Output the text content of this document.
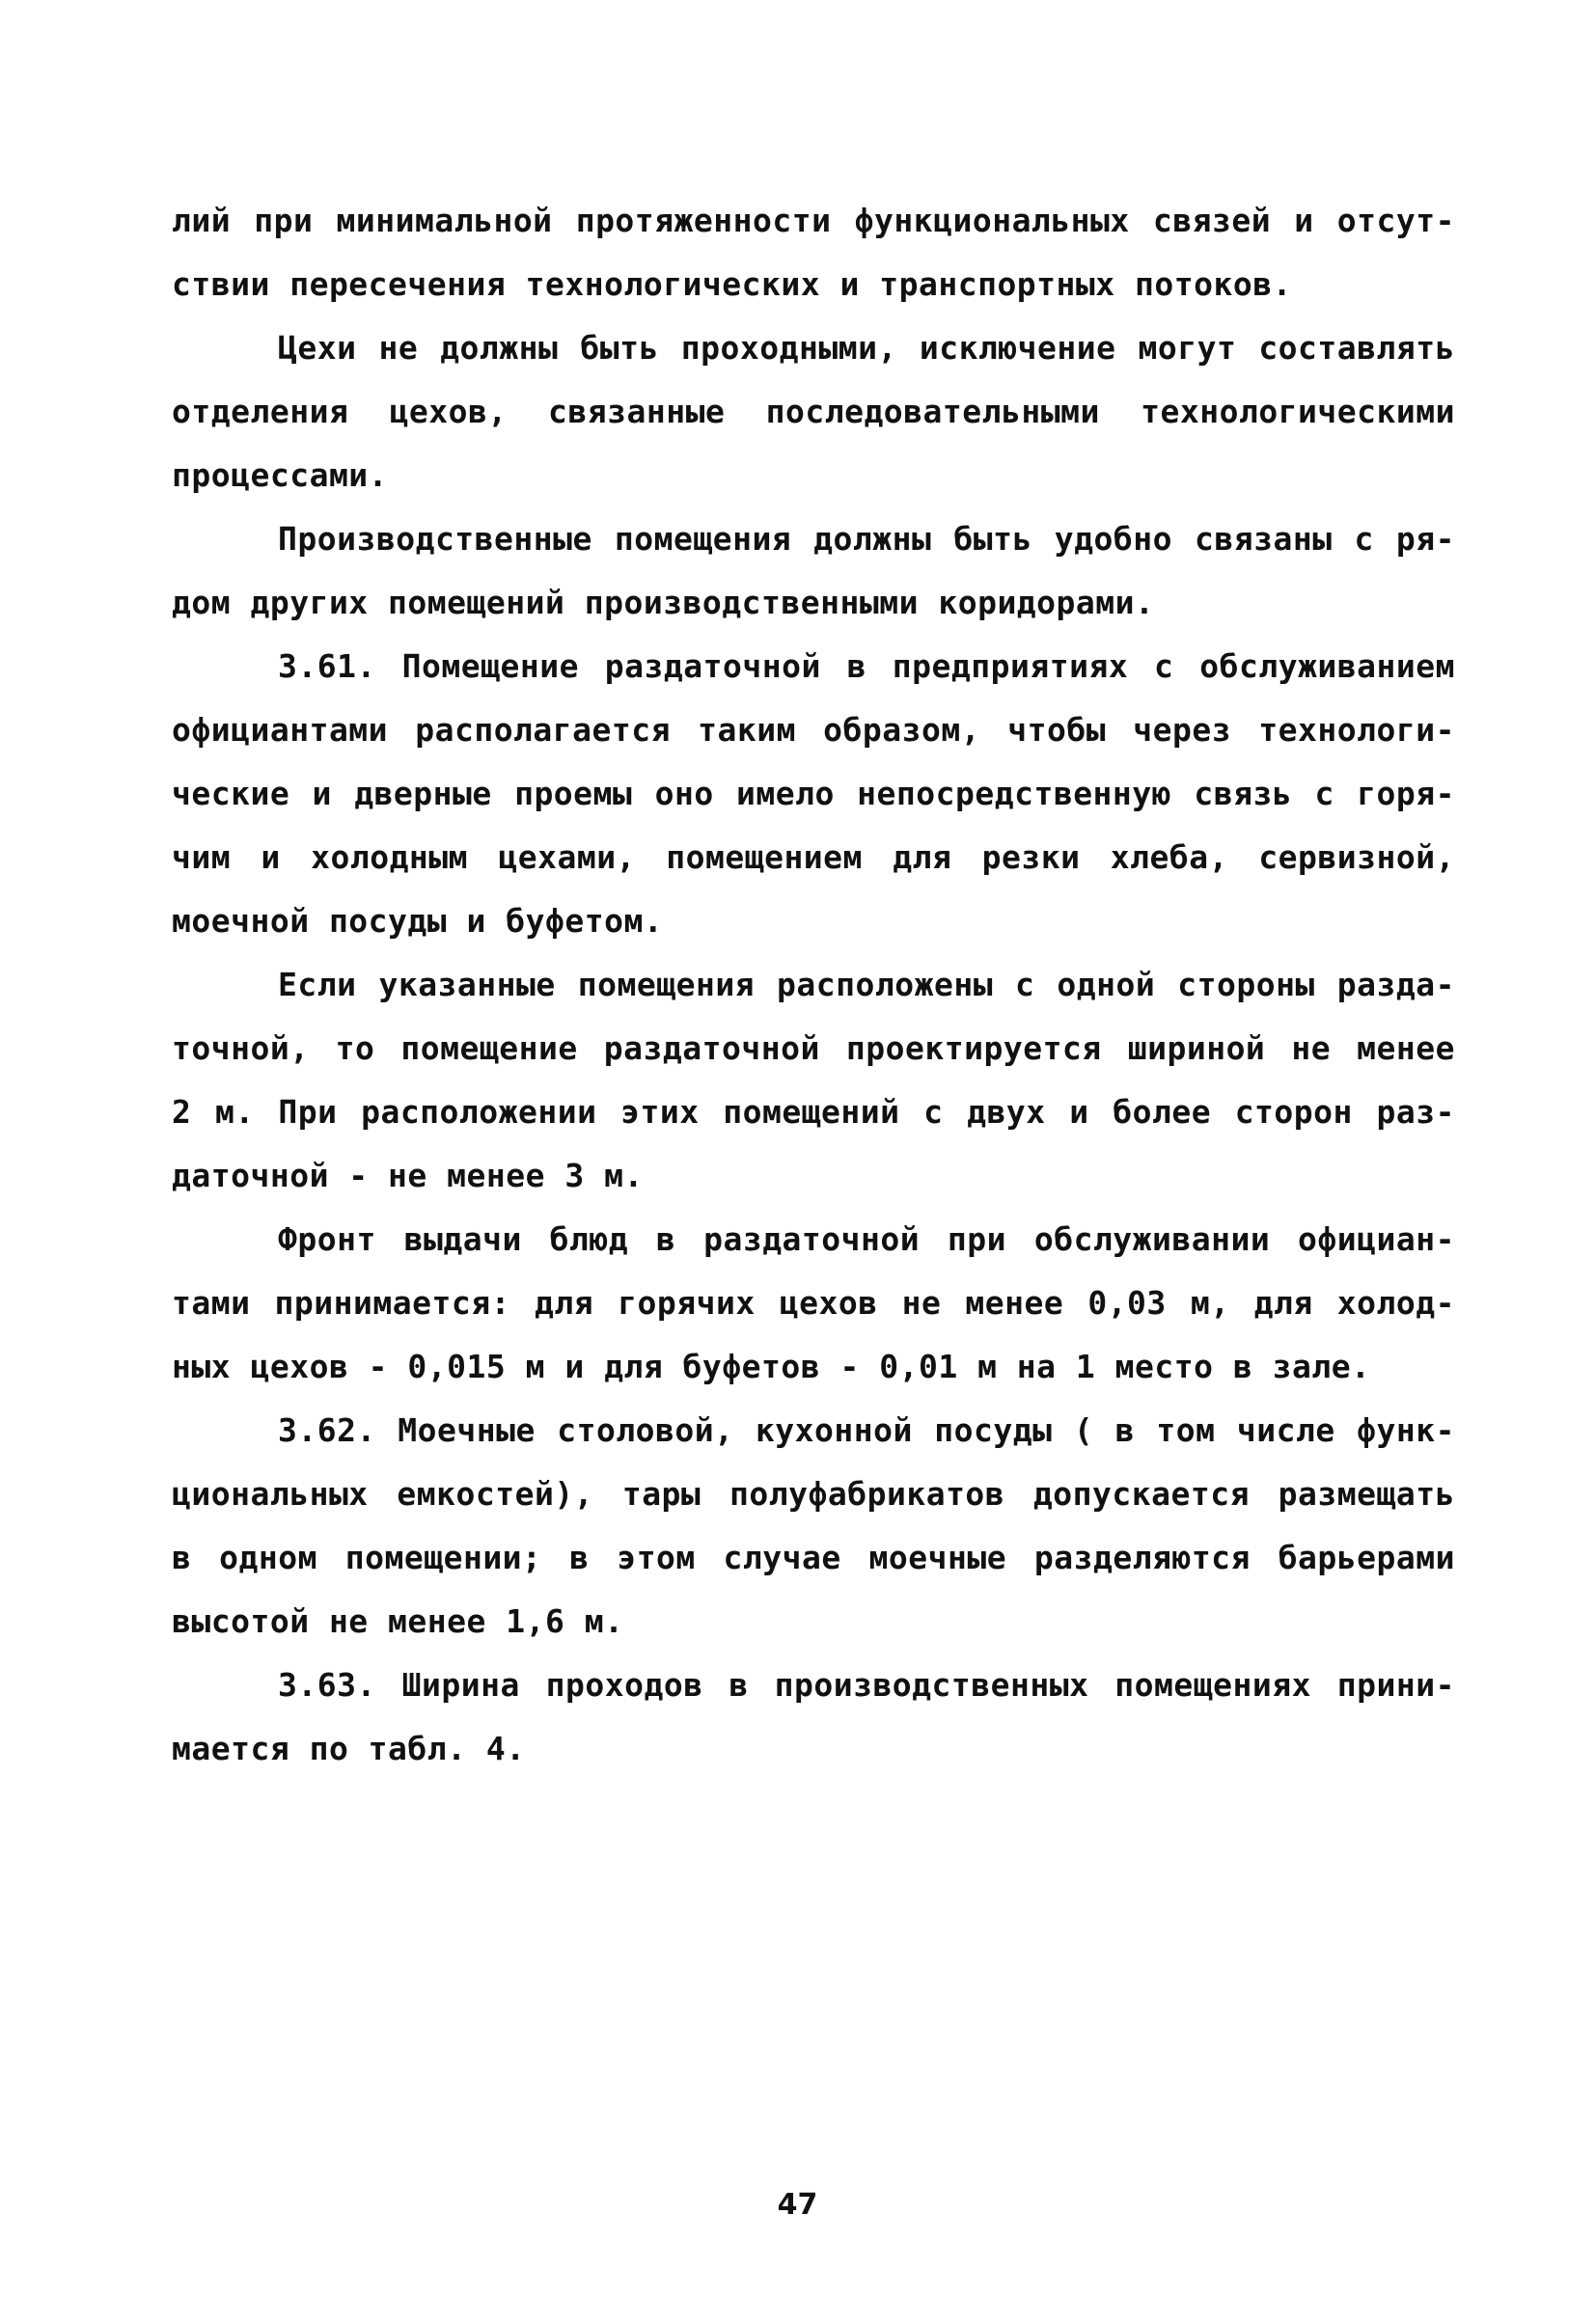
лий при минимальной протяженности функциональных связей и отсут-
ствии пересечения технологических и транспортных потоков.
Цехи не должны быть проходными, исключение могут составлять
отделения цехов, связанные последовательными технологическими
процессами.
Производственные помещения должны быть удобно связаны с ря-
дом других помещений производственными коридорами.
3.61. Помещение раздаточной в предприятиях с обслуживанием
официантами располагается таким образом, чтобы через технологи-
ческие и дверные проемы оно имело непосредственную связь с горя-
чим и холодным цехами, помещением для резки хлеба, сервизной,
моечной посуды и буфетом.
Если указанные помещения расположены с одной стороны разда-
точной, то помещение раздаточной проектируется шириной не менее
2 м. При расположении этих помещений с двух и более сторон раз-
даточной - не менее 3 м.
Фронт выдачи блюд в раздаточной при обслуживании официан-
тами принимается: для горячих цехов не менее 0,03 м, для холод-
ных цехов - 0,015 м и для буфетов - 0,01 м на 1 место в зале.
3.62. Моечные столовой, кухонной посуды ( в том числе функ-
циональных емкостей), тары полуфабрикатов допускается размещать
в одном помещении; в этом случае моечные разделяются барьерами
высотой не менее 1,6 м.
3.63. Ширина проходов в производственных помещениях прини-
мается по табл. 4.
47
